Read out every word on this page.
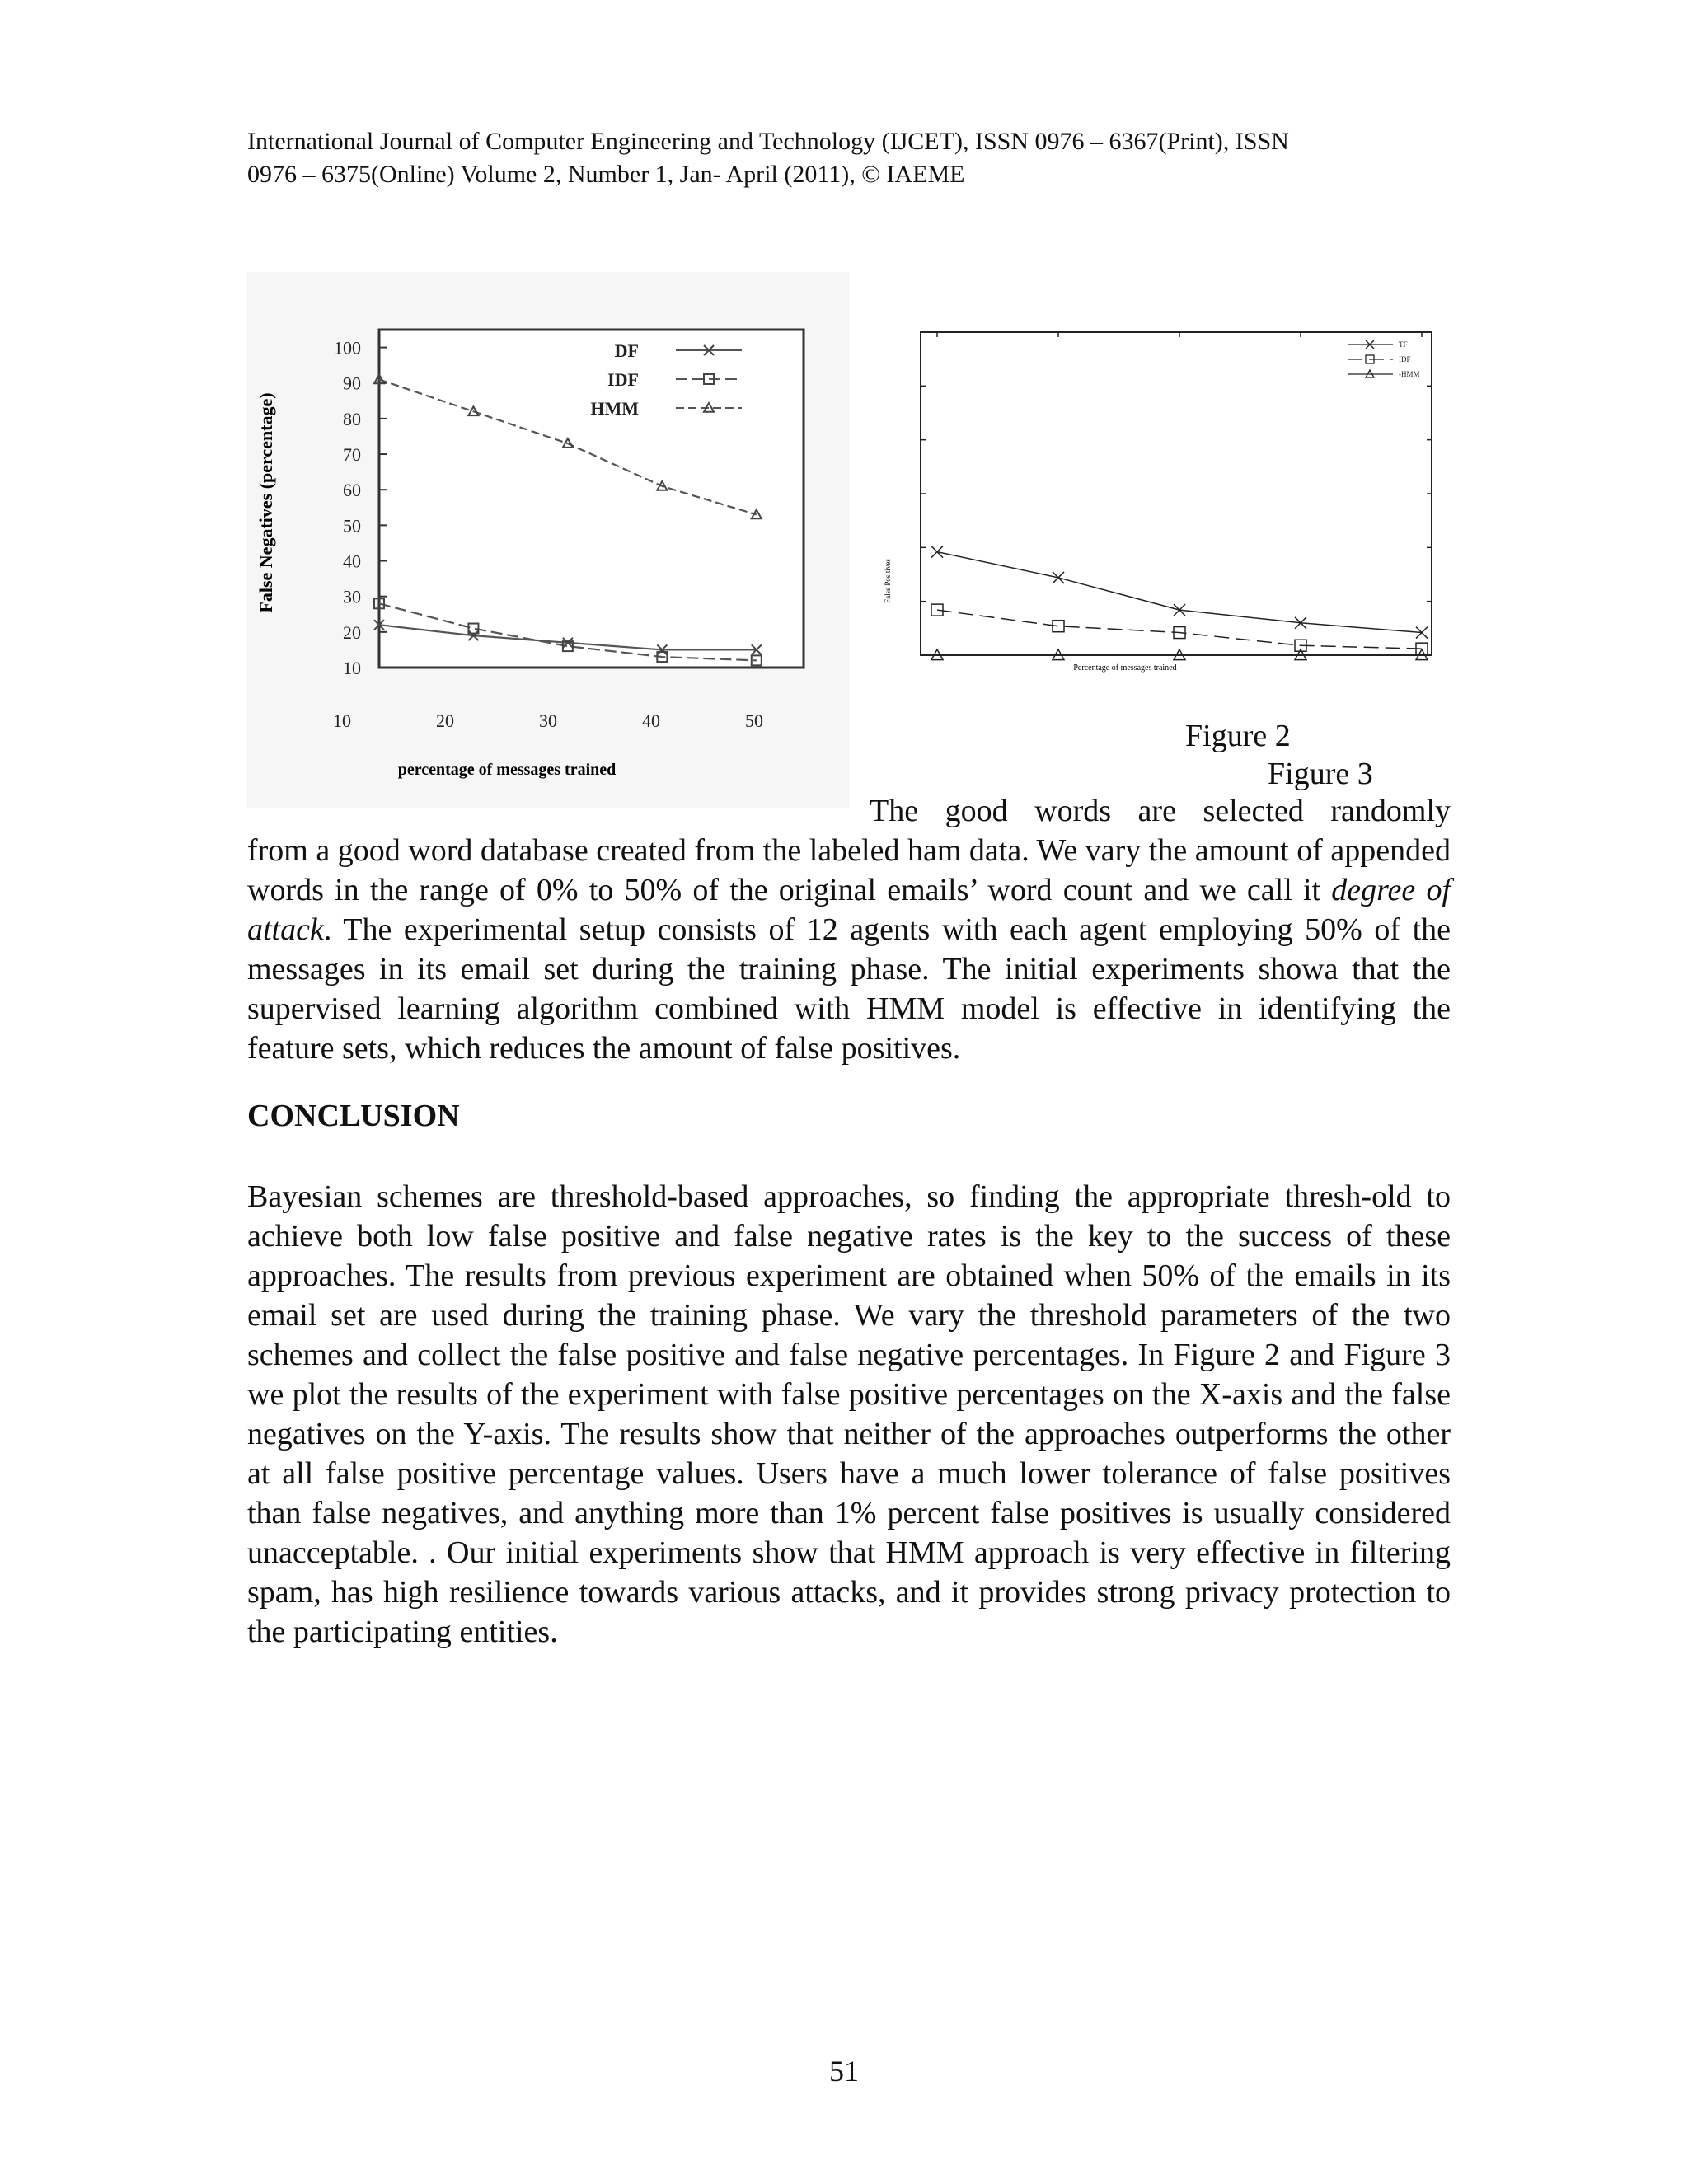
International Journal of Computer Engineering and Technology (IJCET), ISSN 0976 – 6367(Print), ISSN
0976 – 6375(Online) Volume 2, Number 1, Jan- April (2011), © IAEME
10
20
30
40
50
60
70
80
90
100
10	20	30	40	50
DF
IDF
HMM
False Negatives (percentage)
percentage of messages trained
TF
IDF
-HMM
False Positives
Percentage of messages trained
Figure 2
Figure 3
The good words are selected randomly
from a good word database created from the labeled ham data. We vary the amount of appended words in the range of 0% to 50% of the original emails’ word count and we call it degree of attack. The experimental setup consists of 12 agents with each agent employing 50% of the messages in its email set during the training phase. The initial experiments showa that the supervised learning algorithm combined with HMM model is effective in identifying the feature sets, which reduces the amount of false positives.
CONCLUSION
Bayesian schemes are threshold-based approaches, so finding the appropriate thresh-old to achieve both low false positive and false negative rates is the key to the success of these approaches. The results from previous experiment are obtained when 50% of the emails in its email set are used during the training phase. We vary the threshold parameters of the two schemes and collect the false positive and false negative percentages. In Figure 2 and Figure 3 we plot the results of the experiment with false positive percentages on the X-axis and the false negatives on the Y-axis. The results show that neither of the approaches outperforms the other at all false positive percentage values. Users have a much lower tolerance of false positives than false negatives, and anything more than 1% percent false positives is usually considered unacceptable. . Our initial experiments show that HMM approach is very effective in filtering spam, has high resilience towards various attacks, and it provides strong privacy protection to the participating entities.
51
